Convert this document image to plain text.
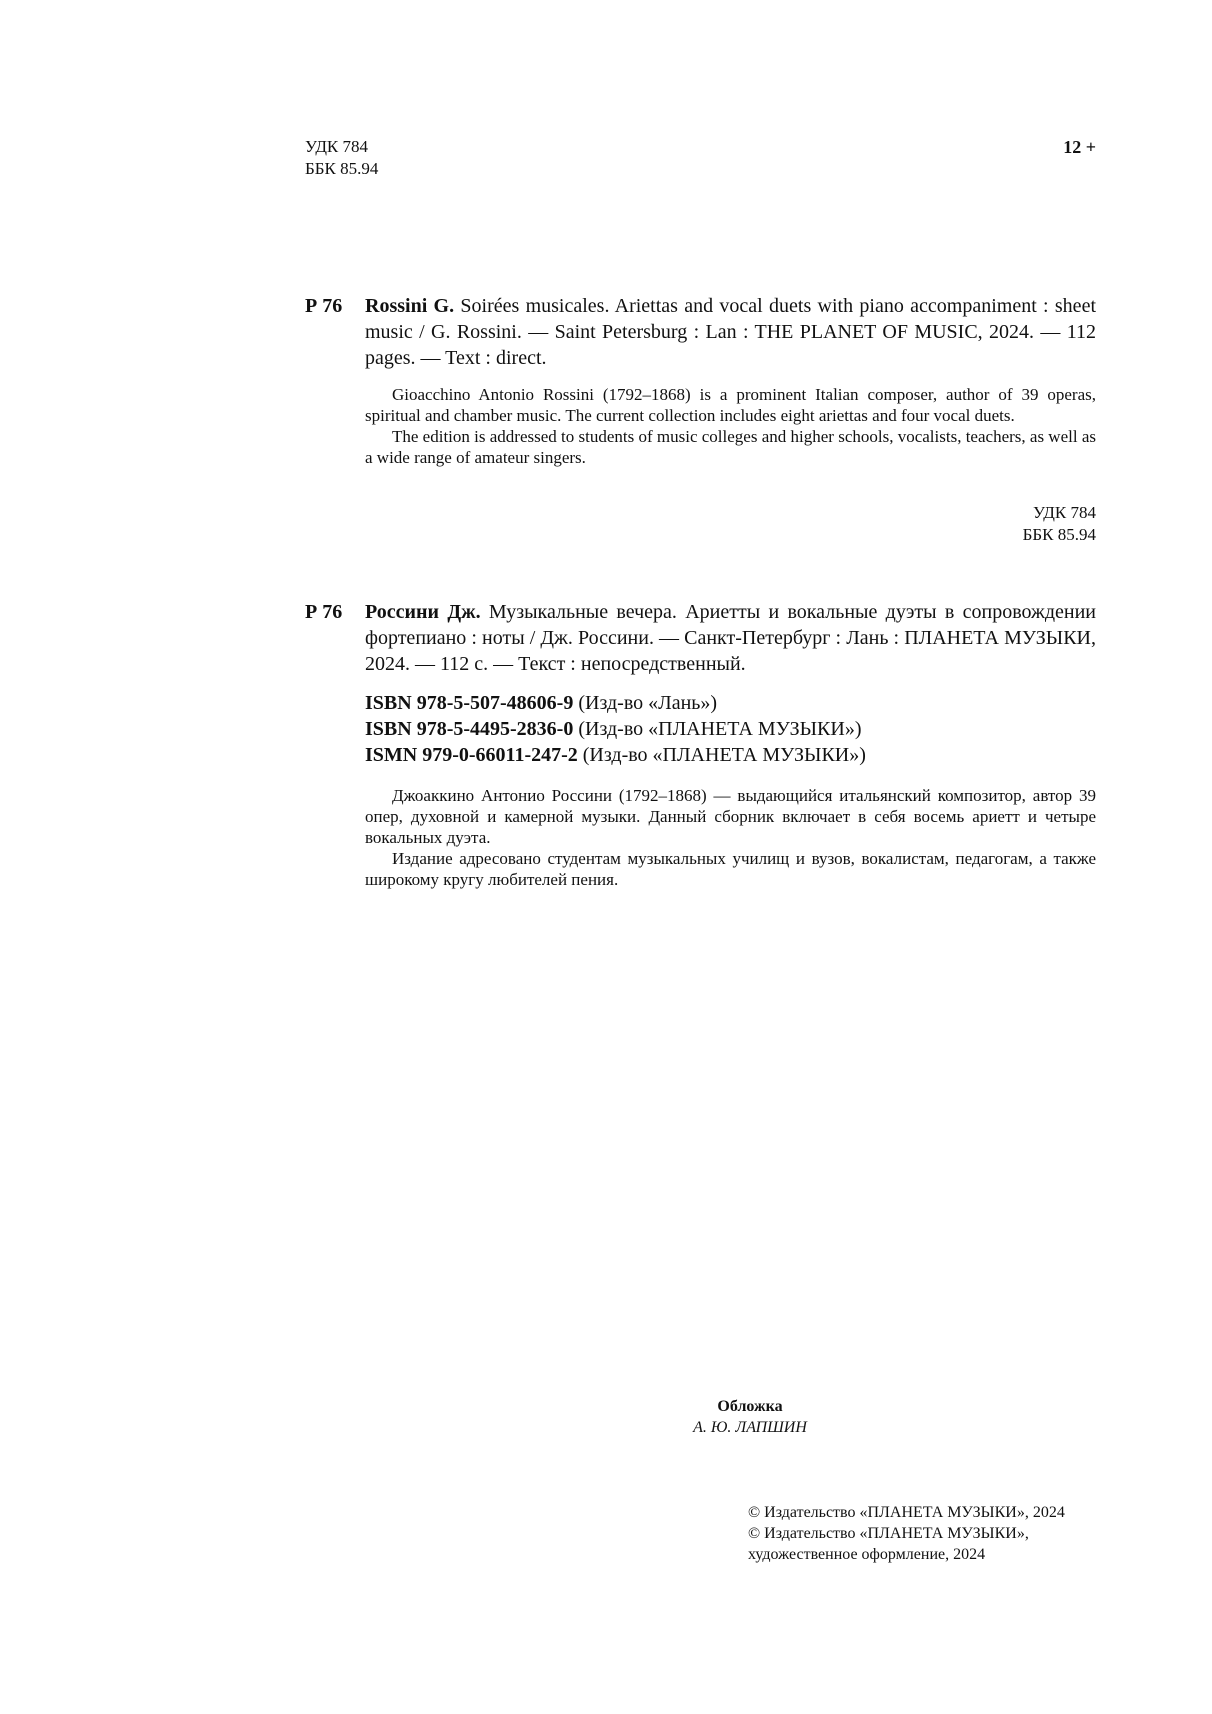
УДК 784
ББК 85.94
12 +
Р 76 Rossini G. Soirées musicales. Ariettas and vocal duets with piano accompaniment : sheet music / G. Rossini. — Saint Petersburg : Lan : THE PLANET OF MUSIC, 2024. — 112 pages. — Text : direct.

Gioacchino Antonio Rossini (1792–1868) is a prominent Italian composer, author of 39 operas, spiritual and chamber music. The current collection includes eight ariettas and four vocal duets.

The edition is addressed to students of music colleges and higher schools, vocalists, teachers, as well as a wide range of amateur singers.

УДК 784
ББК 85.94
Р 76 Россини Дж. Музыкальные вечера. Ариетты и вокальные дуэты в сопровождении фортепиано : ноты / Дж. Россини. — Санкт-Петербург : Лань : ПЛАНЕТА МУЗЫКИ, 2024. — 112 с. — Текст : непосредственный.
ISBN 978-5-507-48606-9 (Изд-во «Лань»)
ISBN 978-5-4495-2836-0 (Изд-во «ПЛАНЕТА МУЗЫКИ»)
ISMN 979-0-66011-247-2 (Изд-во «ПЛАНЕТА МУЗЫКИ»)

Джоаккино Антонио Россини (1792–1868) — выдающийся итальянский композитор, автор 39 опер, духовной и камерной музыки. Данный сборник включает в себя восемь ариетт и четыре вокальных дуэта.

Издание адресовано студентам музыкальных училищ и вузов, вокалистам, педагогам, а также широкому кругу любителей пения.

Обложка
А. Ю. ЛАПШИН
© Издательство «ПЛАНЕТА МУЗЫКИ», 2024
© Издательство «ПЛАНЕТА МУЗЫКИ»,
художественное оформление, 2024
